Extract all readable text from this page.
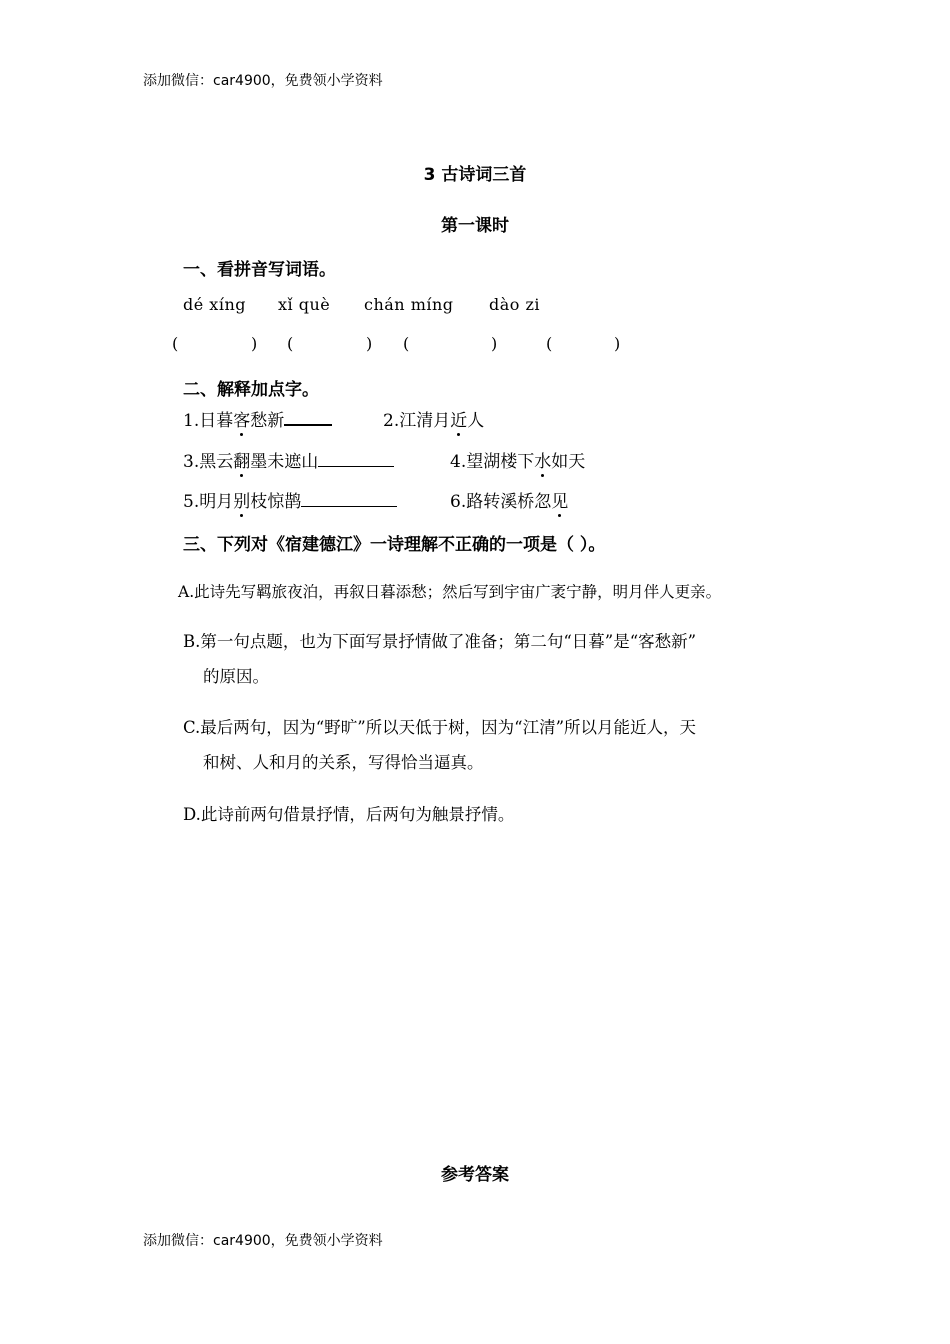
添加微信：car4900，免费领小学资料
3 古诗词三首
第一课时
一、看拼音写词语。
dé xíng xǐ què chán míng dào zi
(	) (	) (	)	(	)
二、解释加点字。
1.日暮客愁新	2.江清月近人
3.黑云翻墨未遮山	4.望湖楼下水如天
5.明月别枝惊鹊	6.路转溪桥忽见
三、下列对《宿建德江》一诗理解不正确的一项是（ ）。
A.此诗先写羁旅夜泊，再叙日暮添愁；然后写到宇宙广袤宁静，明月伴人更亲。
B.第一句点题，也为下面写景抒情做了准备；第二句“日暮”是“客愁新”
的原因。
C.最后两句，因为“野旷”所以天低于树，因为“江清”所以月能近人，天
和树、人和月的关系，写得恰当逼真。
D.此诗前两句借景抒情，后两句为触景抒情。
参考答案
添加微信：car4900，免费领小学资料
